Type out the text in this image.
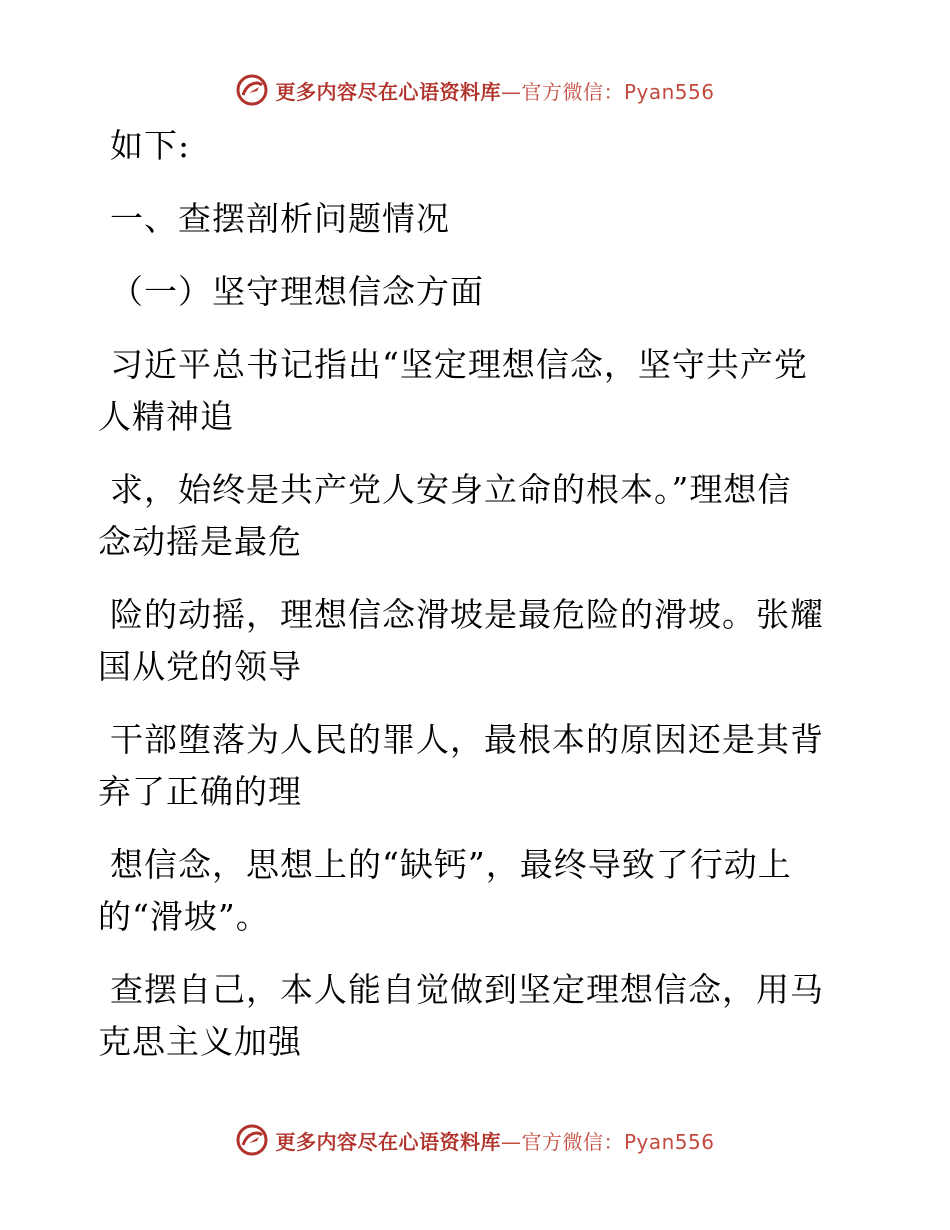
更多内容尽在心语资料库—官方微信：Pyan556
如下:
一、查摆剖析问题情况
（一）坚守理想信念方面
习近平总书记指出“坚定理想信念，坚守共产党
人精神追
求，始终是共产党人安身立命的根本。”理想信
念动摇是最危
险的动摇，理想信念滑坡是最危险的滑坡。张耀
国从党的领导
干部堕落为人民的罪人，最根本的原因还是其背
弃了正确的理
想信念，思想上的“缺钙”，最终导致了行动上
的“滑坡”。
查摆自己，本人能自觉做到坚定理想信念，用马
克思主义加强
更多内容尽在心语资料库—官方微信：Pyan556
